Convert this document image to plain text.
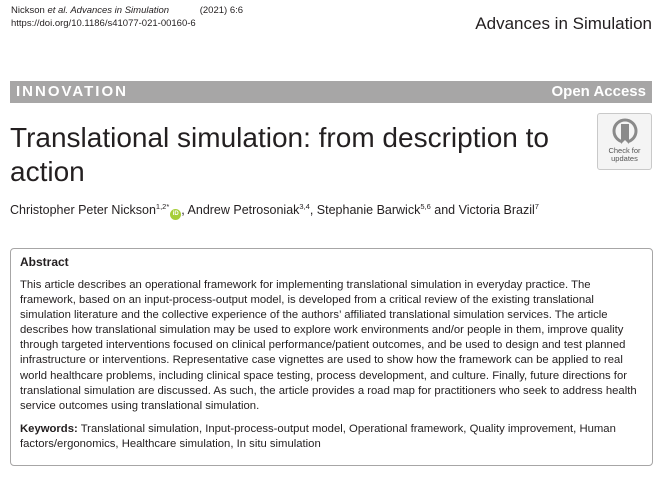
Nickson et al. Advances in Simulation	(2021) 6:6
https://doi.org/10.1186/s41077-021-00160-6	Advances in Simulation
INNOVATION	Open Access
Translational simulation: from description to action
Check for
updates
Christopher Peter Nickson$^{1,2*}$iD , Andrew Petrosoniak$^{3,4}$, Stephanie Barwick$^{5,6}$ and Victoria Brazil$^7$
Abstract

This article describes an operational framework for implementing translational simulation in everyday practice. The framework, based on an input-process-output model, is developed from a critical review of the existing translational simulation literature and the collective experience of the authors’ affiliated translational simulation services. The article describes how translational simulation may be used to explore work environments and/or people in them, improve quality through targeted interventions focused on clinical performance/patient outcomes, and be used to design and test planned infrastructure or interventions. Representative case vignettes are used to show how the framework can be applied to real world healthcare problems, including clinical space testing, process development, and culture. Finally, future directions for translational simulation are discussed. As such, the article provides a road map for practitioners who seek to address health service outcomes using translational simulation.

Keywords: Translational simulation, Input-process-output model, Operational framework, Quality improvement, Human factors/ergonomics, Healthcare simulation, In situ simulation
